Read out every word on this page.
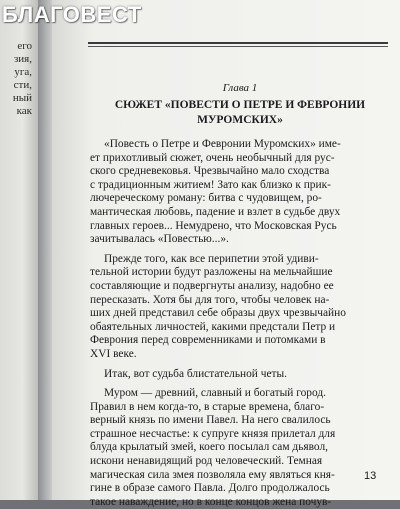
его
зия,
уга,
сти,
ный
как
БЛАГОВЕСТ
Глава 1
СЮЖЕТ «ПОВЕСТИ О ПЕТРЕ И ФЕВРОНИИ
МУРОМСКИХ»
«Повесть о Петре и Февронии Муромских» име-
ет прихотливый сюжет, очень необычный для рус-
ского средневековья. Чрезвычайно мало сходства
с традиционным житием! Зато как близко к прик-
лючереческому роману: битва с чудовищем, ро-
мантическая любовь, падение и взлет в судьбе двух
главных героев... Немудрено, что Московская Русь
зачитывалась «Повестью...».
Прежде того, как все перипетии этой удиви-
тельной истории будут разложены на мельчайшие
составляющие и подвергнуты анализу, надобно ее
пересказать. Хотя бы для того, чтобы человек на-
ших дней представил себе образы двух чрезвычайно
обаятельных личностей, какими предстали Петр и
Феврония перед современниками и потомками в
XVI веке.
Итак, вот судьба блистательной четы.
Муром — древний, славный и богатый город.
Правил в нем когда-то, в старые времена, благо-
верный князь по имени Павел. На него свалилось
страшное несчастье: к супруге князя прилетал для
блуда крылатый змей, коего посылал сам дьявол,
искони ненавидящий род человеческий. Темная
магическая сила змея позволяла ему являться кня-
гине в образе самого Павла. Долго продолжалось
такое наваждение, но в конце концов жена почув-
13
